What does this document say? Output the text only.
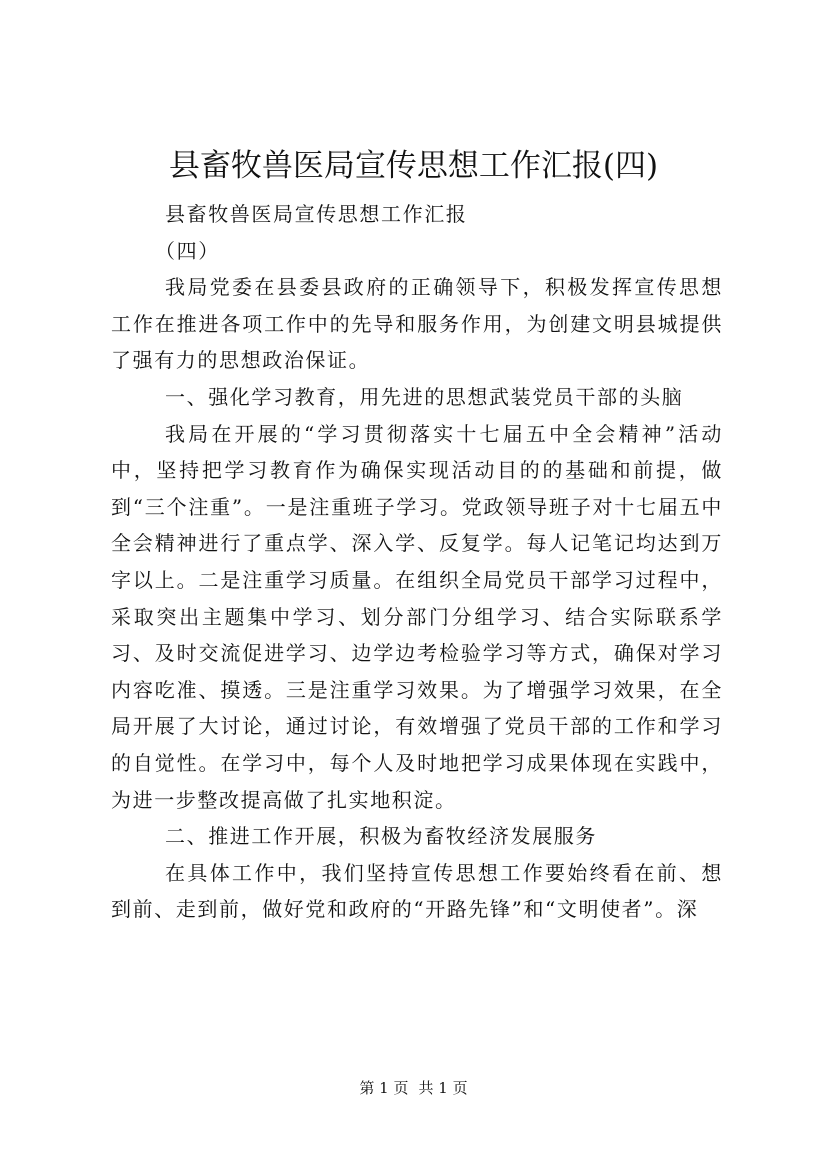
县畜牧兽医局宣传思想工作汇报(四)

县畜牧兽医局宣传思想工作汇报

（四）

我局党委在县委县政府的正确领导下，积极发挥宣传思想工作在推进各项工作中的先导和服务作用，为创建文明县城提供了强有力的思想政治保证。

一、强化学习教育，用先进的思想武装党员干部的头脑

我局在开展的“学习贯彻落实十七届五中全会精神”活动中，坚持把学习教育作为确保实现活动目的的基础和前提，做到“三个注重”。一是注重班子学习。党政领导班子对十七届五中全会精神进行了重点学、深入学、反复学。每人记笔记均达到万字以上。二是注重学习质量。在组织全局党员干部学习过程中，采取突出主题集中学习、划分部门分组学习、结合实际联系学习、及时交流促进学习、边学边考检验学习等方式，确保对学习内容吃准、摸透。三是注重学习效果。为了增强学习效果，在全局开展了大讨论，通过讨论，有效增强了党员干部的工作和学习的自觉性。在学习中，每个人及时地把学习成果体现在实践中，为进一步整改提高做了扎实地积淀。

二、推进工作开展，积极为畜牧经济发展服务

在具体工作中，我们坚持宣传思想工作要始终看在前、想到前、走到前，做好党和政府的“开路先锋”和“文明使者”。深

第 1 页 共 1 页
